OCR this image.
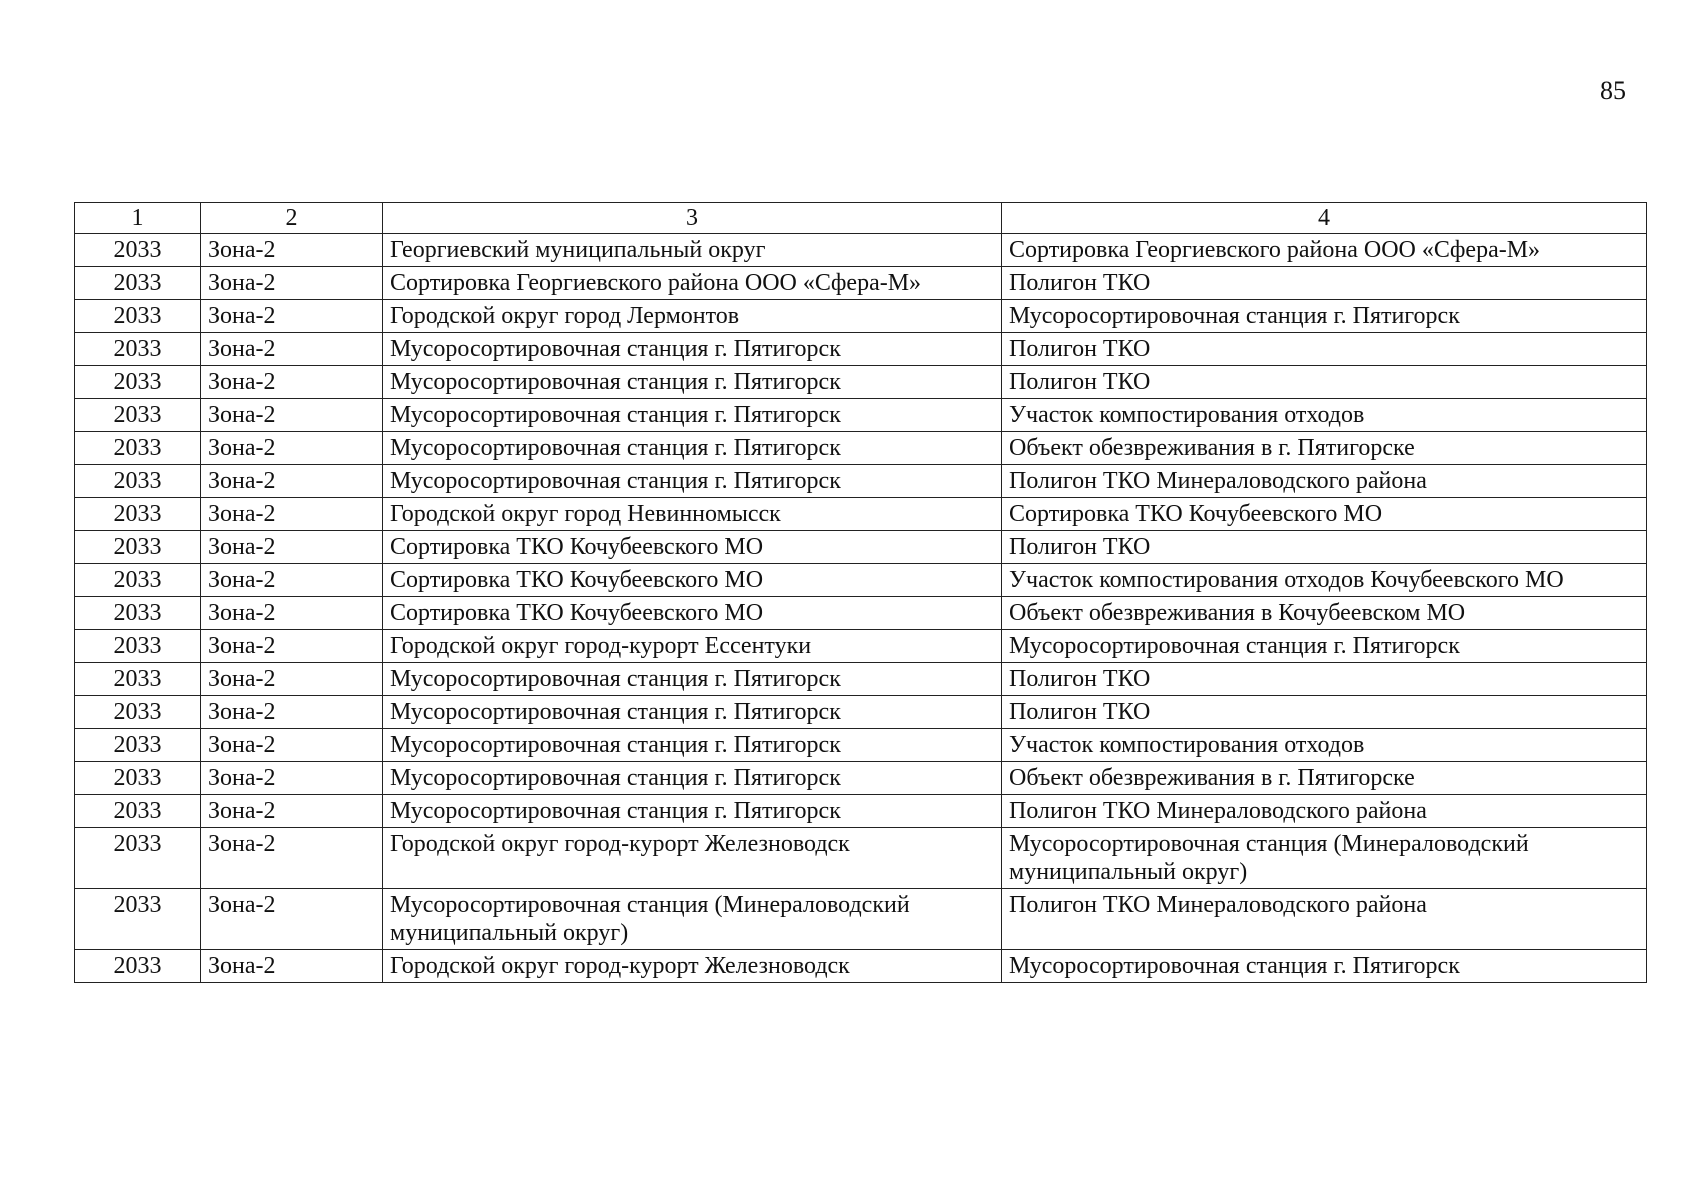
85
1	2	3	4
2033	Зона-2	Георгиевский муниципальный округ	Сортировка Георгиевского района ООО «Сфера-М»
2033	Зона-2	Сортировка Георгиевского района ООО «Сфера-М»	Полигон ТКО
2033	Зона-2	Городской округ город Лермонтов	Мусоросортировочная станция г. Пятигорск
2033	Зона-2	Мусоросортировочная станция г. Пятигорск	Полигон ТКО
2033	Зона-2	Мусоросортировочная станция г. Пятигорск	Полигон ТКО
2033	Зона-2	Мусоросортировочная станция г. Пятигорск	Участок компостирования отходов
2033	Зона-2	Мусоросортировочная станция г. Пятигорск	Объект обезвреживания в г. Пятигорске
2033	Зона-2	Мусоросортировочная станция г. Пятигорск	Полигон ТКО Минераловодского района
2033	Зона-2	Городской округ город Невинномысск	Сортировка ТКО Кочубеевского МО
2033	Зона-2	Сортировка ТКО Кочубеевского МО	Полигон ТКО
2033	Зона-2	Сортировка ТКО Кочубеевского МО	Участок компостирования отходов Кочубеевского МО
2033	Зона-2	Сортировка ТКО Кочубеевского МО	Объект обезвреживания в Кочубеевском МО
2033	Зона-2	Городской округ город-курорт Ессентуки	Мусоросортировочная станция г. Пятигорск
2033	Зона-2	Мусоросортировочная станция г. Пятигорск	Полигон ТКО
2033	Зона-2	Мусоросортировочная станция г. Пятигорск	Полигон ТКО
2033	Зона-2	Мусоросортировочная станция г. Пятигорск	Участок компостирования отходов
2033	Зона-2	Мусоросортировочная станция г. Пятигорск	Объект обезвреживания в г. Пятигорске
2033	Зона-2	Мусоросортировочная станция г. Пятигорск	Полигон ТКО Минераловодского района
2033	Зона-2	Городской округ город-курорт Железноводск	Мусоросортировочная станция (Минераловодский муниципальный округ)
2033	Зона-2	Мусоросортировочная станция (Минераловодский муниципальный округ)	Полигон ТКО Минераловодского района
2033	Зона-2	Городской округ город-курорт Железноводск	Мусоросортировочная станция г. Пятигорск
